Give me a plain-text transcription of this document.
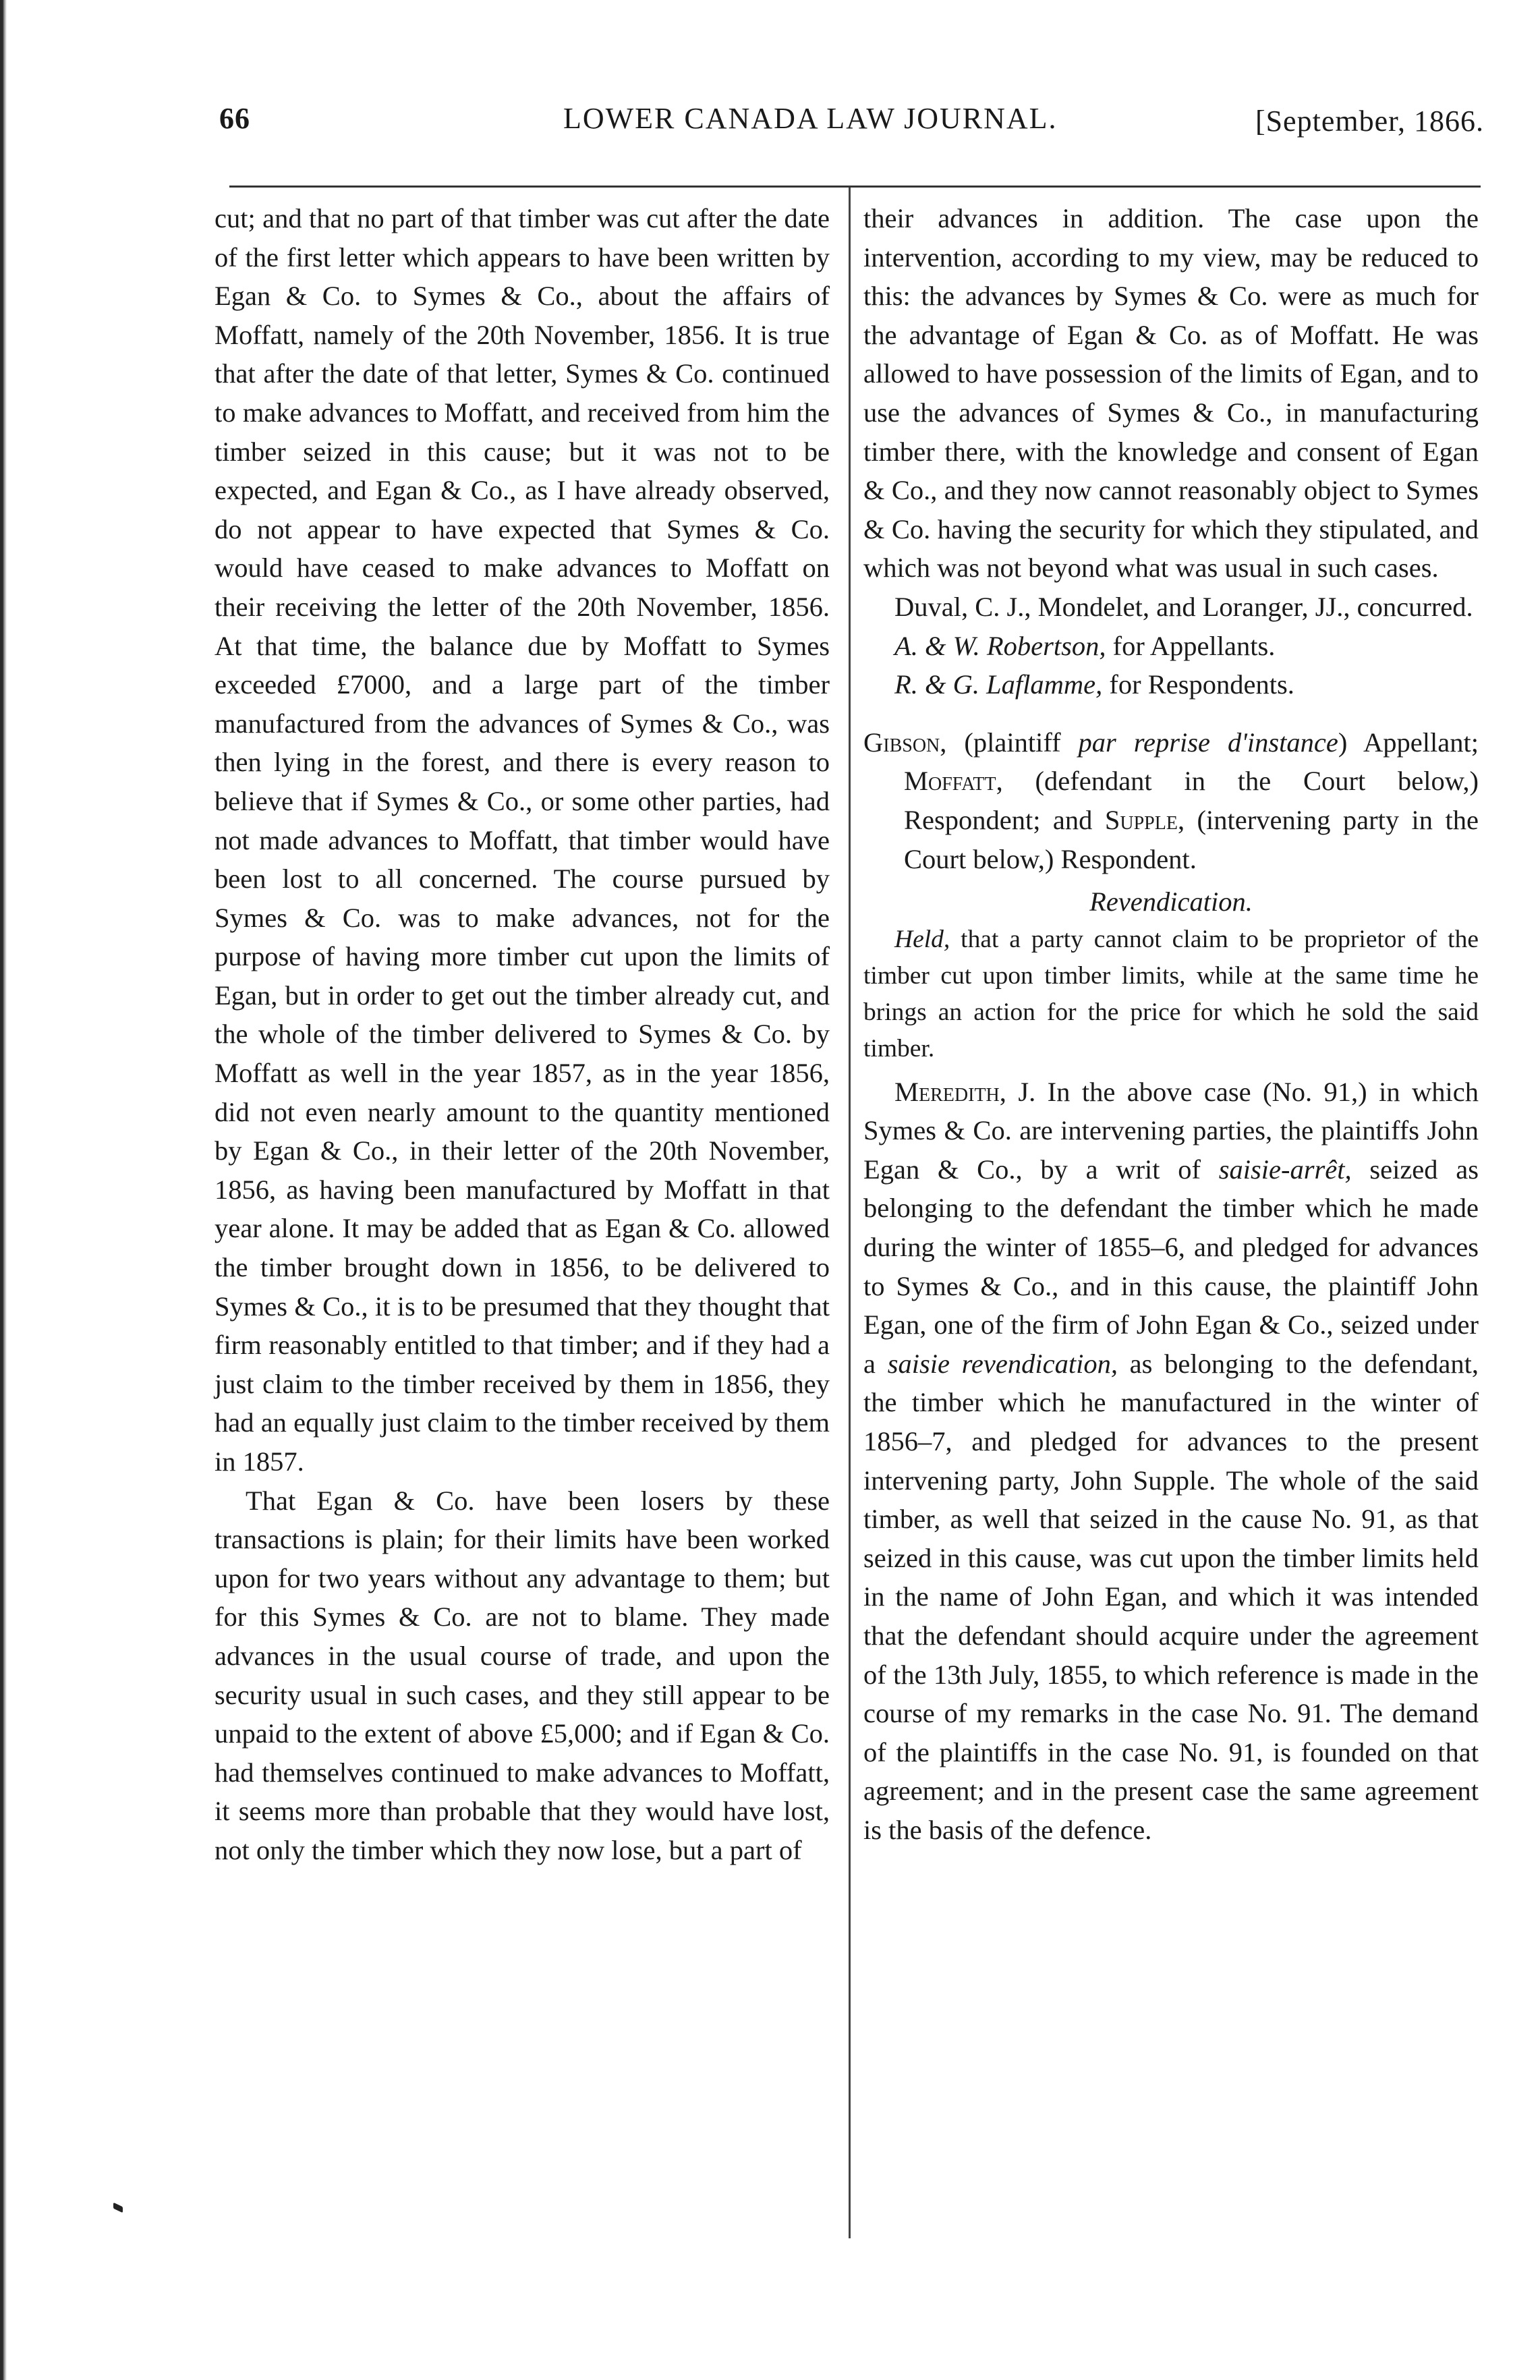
66	LOWER CANADA LAW JOURNAL.	[September, 1866.

cut; and that no part of that timber was cut after the date of the first letter which appears to have been written by Egan & Co. to Symes & Co., about the affairs of Moffatt, namely of the 20th November, 1856. It is true that after the date of that letter, Symes & Co. continued to make advances to Moffatt, and received from him the timber seized in this cause; but it was not to be expected, and Egan & Co., as I have already observed, do not appear to have expected that Symes & Co. would have ceased to make advances to Moffatt on their receiving the letter of the 20th November, 1856. At that time, the balance due by Moffatt to Symes exceeded £7000, and a large part of the timber manufactured from the advances of Symes & Co., was then lying in the forest, and there is every reason to believe that if Symes & Co., or some other parties, had not made advances to Moffatt, that timber would have been lost to all concerned. The course pursued by Symes & Co. was to make advances, not for the purpose of having more timber cut upon the limits of Egan, but in order to get out the timber already cut, and the whole of the timber delivered to Symes & Co. by Moffatt as well in the year 1857, as in the year 1856, did not even nearly amount to the quantity mentioned by Egan & Co., in their letter of the 20th November, 1856, as having been manufactured by Moffatt in that year alone. It may be added that as Egan & Co. allowed the timber brought down in 1856, to be delivered to Symes & Co., it is to be presumed that they thought that firm reasonably entitled to that timber; and if they had a just claim to the timber received by them in 1856, they had an equally just claim to the timber received by them in 1857.

That Egan & Co. have been losers by these transactions is plain; for their limits have been worked upon for two years without any advantage to them; but for this Symes & Co. are not to blame. They made advances in the usual course of trade, and upon the security usual in such cases, and they still appear to be unpaid to the extent of above £5,000; and if Egan & Co. had themselves continued to make advances to Moffatt, it seems more than probable that they would have lost, not only the timber which they now lose, but a part of

their advances in addition. The case upon the intervention, according to my view, may be reduced to this: the advances by Symes & Co. were as much for the advantage of Egan & Co. as of Moffatt. He was allowed to have possession of the limits of Egan, and to use the advances of Symes & Co., in manufacturing timber there, with the knowledge and consent of Egan & Co., and they now cannot reasonably object to Symes & Co. having the security for which they stipulated, and which was not beyond what was usual in such cases.

Duval, C. J., Mondelet, and Loranger, JJ., concurred.

A. & W. Robertson, for Appellants.

R. & G. Laflamme, for Respondents.

Gibson, (plaintiff par reprise d'instance) Appellant; Moffatt, (defendant in the Court below,) Respondent; and Supple, (intervening party in the Court below,) Respondent.

Revendication.

Held, that a party cannot claim to be proprietor of the timber cut upon timber limits, while at the same time he brings an action for the price for which he sold the said timber.

Meredith, J. In the above case (No. 91,) in which Symes & Co. are intervening parties, the plaintiffs John Egan & Co., by a writ of saisie-arrêt, seized as belonging to the defendant the timber which he made during the winter of 1855–6, and pledged for advances to Symes & Co., and in this cause, the plaintiff John Egan, one of the firm of John Egan & Co., seized under a saisie revendication, as belonging to the defendant, the timber which he manufactured in the winter of 1856–7, and pledged for advances to the present intervening party, John Supple. The whole of the said timber, as well that seized in the cause No. 91, as that seized in this cause, was cut upon the timber limits held in the name of John Egan, and which it was intended that the defendant should acquire under the agreement of the 13th July, 1855, to which reference is made in the course of my remarks in the case No. 91. The demand of the plaintiffs in the case No. 91, is founded on that agreement; and in the present case the same agreement is the basis of the defence.
